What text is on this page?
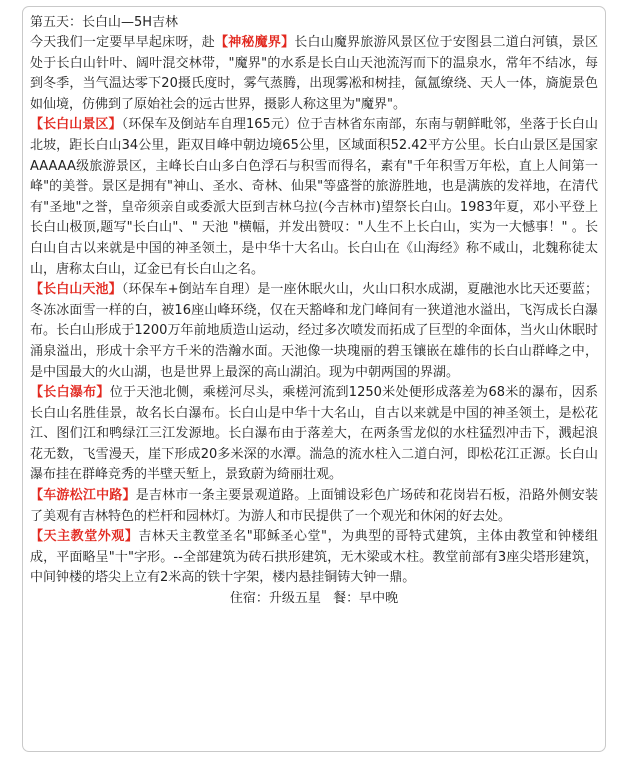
第五天：长白山—5H吉林

今天我们一定要早早起床呀，赴【神秘魔界】长白山魔界旅游风景区位于安图县二道白河镇，景区处于长白山针叶、阔叶混交林带，"魔界"的水系是长白山天池流泻而下的温泉水，常年不结冰，每到冬季，当气温达零下20摄氏度时，雾气蒸腾，出现雾凇和树挂，氤氲缭绕、天人一体，旖旎景色如仙境，仿佛到了原始社会的远古世界，摄影人称这里为"魔界"。

【长白山景区】（环保车及倒站车自理165元）位于吉林省东南部，东南与朝鲜毗邻，坐落于长白山北坡，距长白山34公里，距双目峰中朝边境65公里，区域面积52.42平方公里。长白山景区是国家AAAAA级旅游景区，主峰长白山多白色浮石与积雪而得名，素有"千年积雪万年松，直上人间第一峰"的美誉。景区是拥有"神山、圣水、奇林、仙果"等盛誉的旅游胜地，也是满族的发祥地，在清代有"圣地"之誉，皇帝须亲自或委派大臣到吉林乌拉(今吉林市)望祭长白山。1983年夏，邓小平登上长白山极顶,题写"长白山"、" 天池 "横幅，并发出赞叹："人生不上长白山，实为一大憾事！" 。长白山自古以来就是中国的神圣领土，是中华十大名山。长白山在《山海经》称不咸山，北魏称徒太山，唐称太白山，辽金已有长白山之名。

【长白山天池】（环保车+倒站车自理）是一座休眠火山，火山口积水成湖，夏融池水比天还要蓝；冬冻冰面雪一样的白，被16座山峰环绕，仅在天豁峰和龙门峰间有一狭道池水溢出，飞泻成长白瀑布。长白山形成于1200万年前地质造山运动，经过多次喷发而拓成了巨型的伞面体，当火山休眠时涌泉溢出，形成十余平方千米的浩瀚水面。天池像一块瑰丽的碧玉镶嵌在雄伟的长白山群峰之中，是中国最大的火山湖，也是世界上最深的高山湖泊。现为中朝两国的界湖。

【长白瀑布】位于天池北侧，乘槎河尽头，乘槎河流到1250米处便形成落差为68米的瀑布，因系长白山名胜佳景，故名长白瀑布。长白山是中华十大名山，自古以来就是中国的神圣领土，是松花江、图们江和鸭绿江三江发源地。长白瀑布由于落差大，在两条雪龙似的水柱猛烈冲击下，溅起浪花无数，飞雪漫天，崖下形成20多米深的水潭。湍急的流水柱入二道白河，即松花江正源。长白山瀑布挂在群峰竞秀的半壁天堑上，景致蔚为绮丽壮观。

【车游松江中路】是吉林市一条主要景观道路。上面铺设彩色广场砖和花岗岩石板，沿路外侧安装了美观有吉林特色的栏杆和园林灯。为游人和市民提供了一个观光和休闲的好去处。

【天主教堂外观】吉林天主教堂圣名"耶稣圣心堂"，为典型的哥特式建筑，主体由教堂和钟楼组成，平面略呈"十"字形。--全部建筑为砖石拱形建筑，无木梁或木柱。教堂前部有3座尖塔形建筑，中间钟楼的塔尖上立有2米高的铁十字架，楼内悬挂铜铸大钟一鼎。

住宿：升级五星 餐：早中晚
